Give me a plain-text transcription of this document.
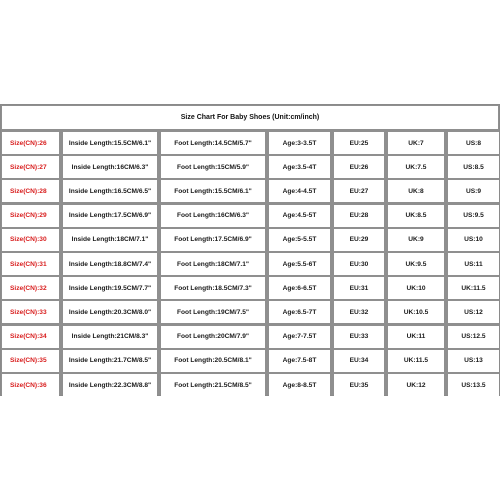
Size Chart For Baby Shoes (Unit:cm/inch)
Size(CN):26	Inside Length:15.5CM/6.1"	Foot Length:14.5CM/5.7"	Age:3-3.5T	EU:25	UK:7	US:8
Size(CN):27	Inside Length:16CM/6.3"	Foot Length:15CM/5.9"	Age:3.5-4T	EU:26	UK:7.5	US:8.5
Size(CN):28	Inside Length:16.5CM/6.5"	Foot Length:15.5CM/6.1"	Age:4-4.5T	EU:27	UK:8	US:9
Size(CN):29	Inside Length:17.5CM/6.9"	Foot Length:16CM/6.3"	Age:4.5-5T	EU:28	UK:8.5	US:9.5
Size(CN):30	Inside Length:18CM/7.1"	Foot Length:17.5CM/6.9"	Age:5-5.5T	EU:29	UK:9	US:10
Size(CN):31	Inside Length:18.8CM/7.4"	Foot Length:18CM/7.1"	Age:5.5-6T	EU:30	UK:9.5	US:11
Size(CN):32	Inside Length:19.5CM/7.7"	Foot Length:18.5CM/7.3"	Age:6-6.5T	EU:31	UK:10	UK:11.5
Size(CN):33	Inside Length:20.3CM/8.0"	Foot Length:19CM/7.5"	Age:6.5-7T	EU:32	UK:10.5	US:12
Size(CN):34	Inside Length:21CM/8.3"	Foot Length:20CM/7.9"	Age:7-7.5T	EU:33	UK:11	US:12.5
Size(CN):35	Inside Length:21.7CM/8.5"	Foot Length:20.5CM/8.1"	Age:7.5-8T	EU:34	UK:11.5	US:13
Size(CN):36	Inside Length:22.3CM/8.8"	Foot Length:21.5CM/8.5"	Age:8-8.5T	EU:35	UK:12	US:13.5
